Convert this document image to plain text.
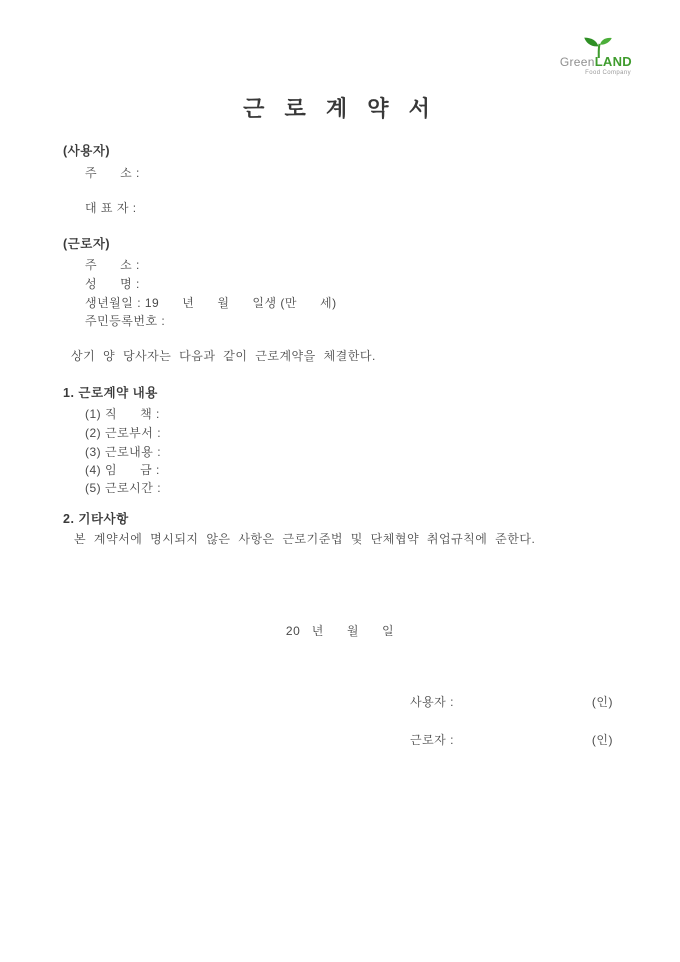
GreenLAND
Food Company
근 로 계 약 서
(사용자)
주      소 :
대 표 자 :
(근로자)
주      소 :
성      명 :
생년월일 : 19      년      월      일생 (만      세)
주민등록번호 :
상기 양 당사자는 다음과 같이 근로계약을 체결한다.
1. 근로계약 내용
(1) 직      책 :
(2) 근로부서 :
(3) 근로내용 :
(4) 임      금 :
(5) 근로시간 :
2. 기타사항
본 계약서에 명시되지 않은 사항은 근로기준법 및 단체협약 취업규칙에 준한다.
20   년      월      일
사용자 :	(인)
근로자 :	(인)
